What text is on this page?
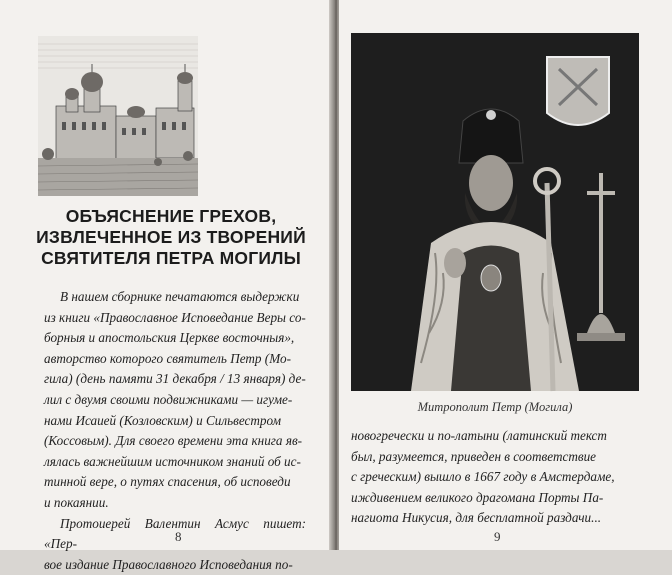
ОБЪЯСНЕНИЕ ГРЕХОВ,
ИЗВЛЕЧЕННОЕ ИЗ ТВОРЕНИЙ
СВЯТИТЕЛЯ ПЕТРА МОГИЛЫ

В нашем сборнике печатаются выдержки

из книги «Православное Исповедание Веры со-
борныя и апостольския Церкве восточныя»,
авторство которого святитель Петр (Мо-
гила) (день памяти 31 декабря / 13 января) де-
лил с двумя своими подвижниками — игуме-
нами Исаией (Козловским) и Сильвестром
(Коссовым). Для своего времени эта книга яв-
лялась важнейшим источником знаний об ис-
тинной вере, о путях спасения, об исповеди
и покаянии.

Протоиерей Валентин Асмус пишет: «Пер-

вое издание Православного Исповедания по-
8
Митрополит Петр (Могила)
новогречески и по-латыни (латинский текст
был, разумеется, приведен в соответствие
с греческим) вышло в 1667 году в Амстердаме,
иждивением великого драгомана Порты Па-
нагиота Никусия, для бесплатной раздачи...
9
